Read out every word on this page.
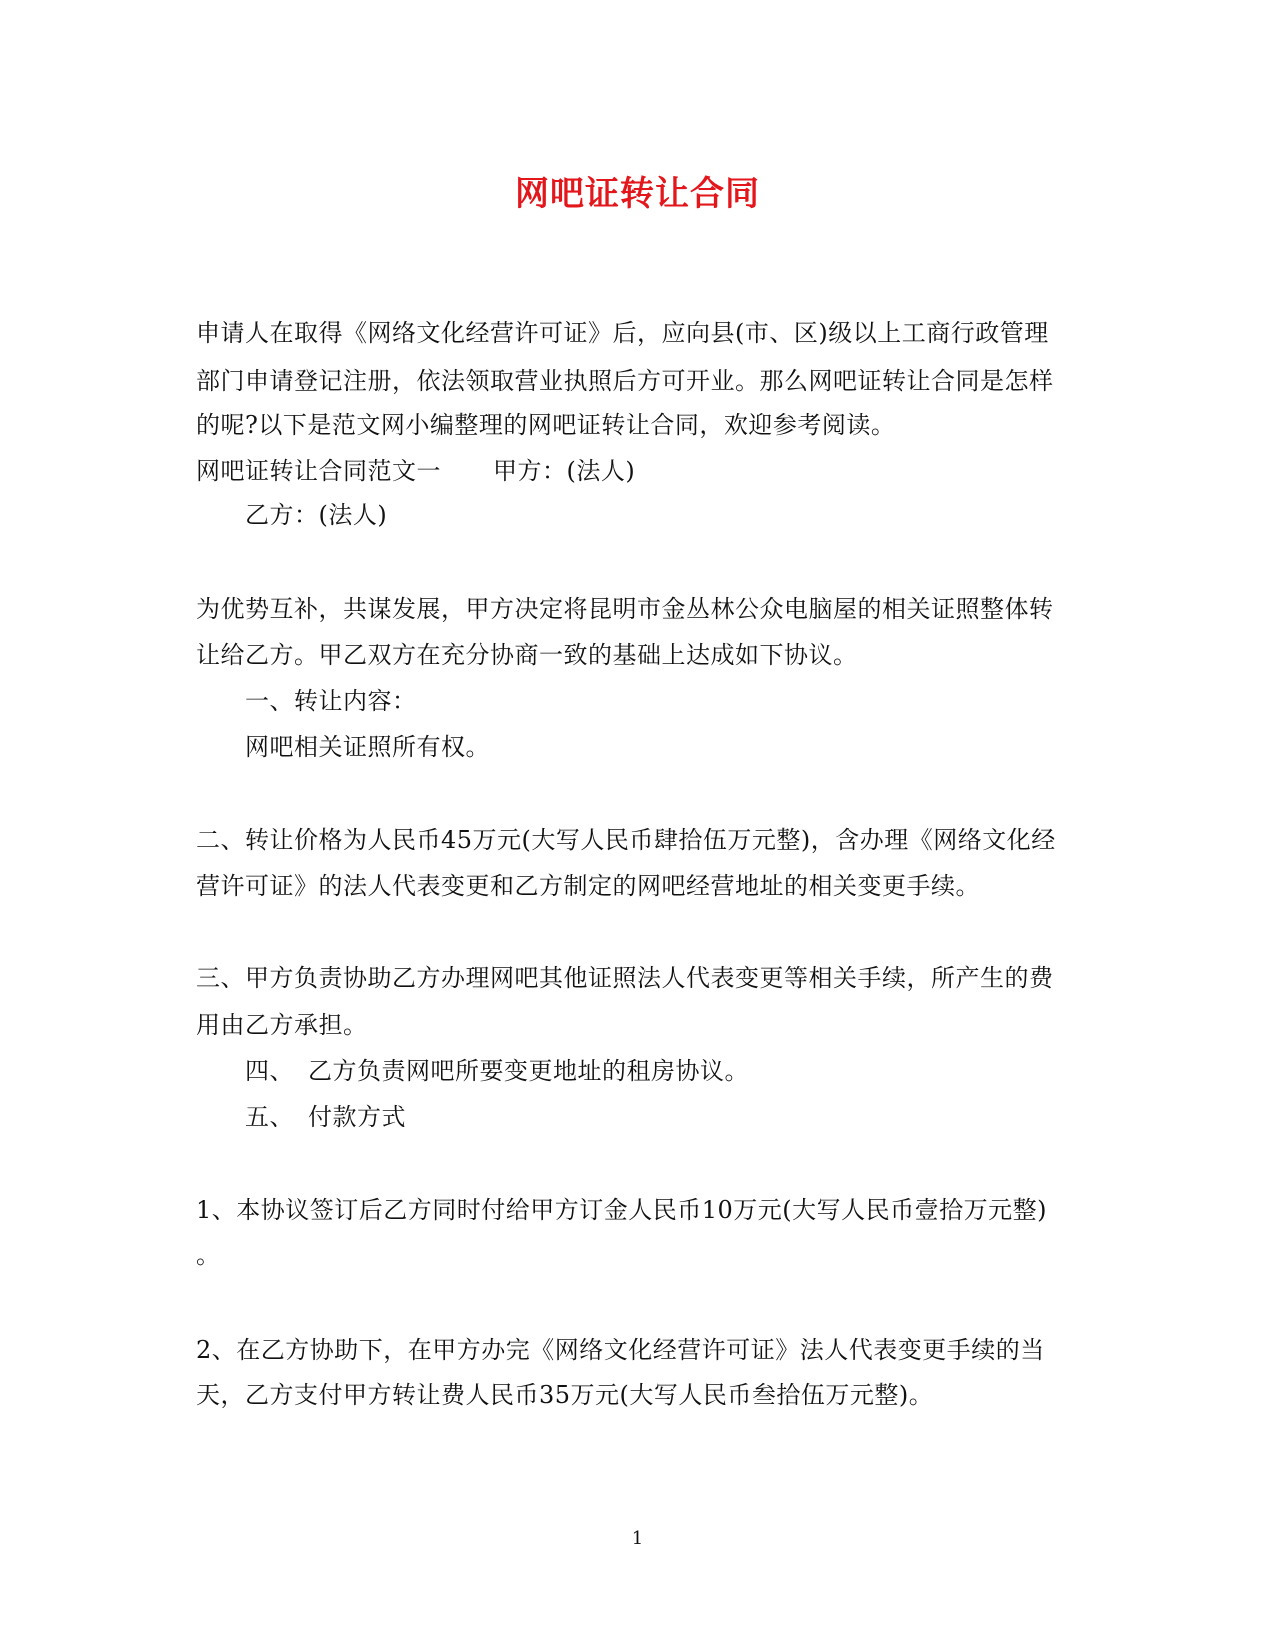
网吧证转让合同
申请人在取得《网络文化经营许可证》后，应向县(市、区)级以上工商行政管理
部门申请登记注册，依法领取营业执照后方可开业。那么网吧证转让合同是怎样
的呢?以下是范文网小编整理的网吧证转让合同，欢迎参考阅读。
网吧证转让合同范文一 甲方：(法人)
乙方：(法人)
为优势互补，共谋发展，甲方决定将昆明市金丛林公众电脑屋的相关证照整体转
让给乙方。甲乙双方在充分协商一致的基础上达成如下协议。
一、转让内容：
网吧相关证照所有权。
二、转让价格为人民币45万元(大写人民币肆拾伍万元整)，含办理《网络文化经
营许可证》的法人代表变更和乙方制定的网吧经营地址的相关变更手续。
三、甲方负责协助乙方办理网吧其他证照法人代表变更等相关手续，所产生的费
用由乙方承担。
四、 乙方负责网吧所要变更地址的租房协议。
五、 付款方式
1、本协议签订后乙方同时付给甲方订金人民币10万元(大写人民币壹拾万元整)
。
2、在乙方协助下，在甲方办完《网络文化经营许可证》法人代表变更手续的当
天，乙方支付甲方转让费人民币35万元(大写人民币叁拾伍万元整)。
1
